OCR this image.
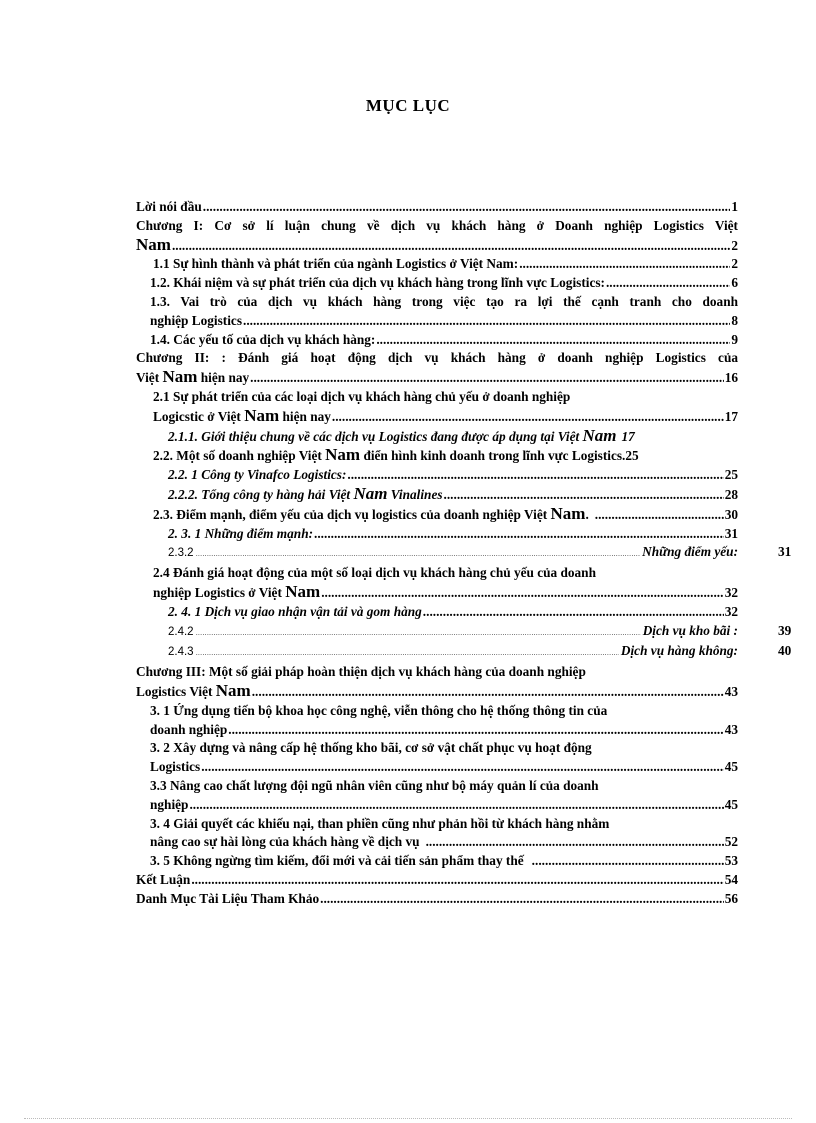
MỤC LỤC
Lời nói đầu .....	1
Chương I: Cơ sở lí luận chung về dịch vụ khách hàng ở Doanh nghiệp Logistics Việt
Nam .....	2
1.1 Sự hình thành và phát triển của ngành Logistics ở Việt Nam: .....	2
1.2. Khái niệm và sự phát triển của dịch vụ khách hàng trong lĩnh vực Logistics: .....	6
1.3. Vai trò của dịch vụ khách hàng trong việc tạo ra lợi thế cạnh tranh cho doanh
nghiệp Logistics .....	8
1.4. Các yếu tố của dịch vụ khách hàng: .....	9
Chương II: : Đánh giá hoạt động dịch vụ khách hàng ở doanh nghiệp Logistics của
Việt Nam hiện nay .....	16
2.1 Sự phát triển của các loại dịch vụ khách hàng chủ yếu ở doanh nghiệp
Logicstic ở Việt Nam hiện nay .....	17
2.1.1. Giới thiệu chung về các dịch vụ Logistics đang được áp dụng tại Việt Nam 17
2.2. Một số doanh nghiệp Việt Nam điển hình kinh doanh trong lĩnh vực Logistics. 25
2.2. 1 Công ty Vinafco Logistics: .....	25
2.2.2. Tổng công ty hàng hải Việt Nam Vinalines .....	28
2.3. Điểm mạnh, điểm yếu của dịch vụ logistics của doanh nghiệp Việt Nam. .....	30
2. 3. 1 Những điểm mạnh: .....	31
2.3.2 .....	Những điểm yếu:	31
2.4 Đánh giá hoạt động của một số loại dịch vụ khách hàng chủ yếu của doanh
nghiệp Logistics ở Việt Nam .....	32
2. 4. 1 Dịch vụ giao nhận vận tải và gom hàng .....	32
2.4.2 .....	Dịch vụ kho bãi :	39
2.4.3 .....	Dịch vụ hàng không:	40
Chương III: Một số giải pháp hoàn thiện dịch vụ khách hàng của doanh nghiệp
Logistics Việt Nam .....	43
3. 1 Ứng dụng tiến bộ khoa học công nghệ, viễn thông cho hệ thống thông tin của
doanh nghiệp .....	43
3. 2 Xây dựng và nâng cấp hệ thống kho bãi, cơ sở vật chất phục vụ hoạt động
Logistics .....	45
3.3 Nâng cao chất lượng đội ngũ nhân viên cũng như bộ máy quản lí của doanh
nghiệp .....	45
3. 4 Giải quyết các khiếu nại, than phiền cũng như phản hồi từ khách hàng nhằm
nâng cao sự hài lòng của khách hàng về dịch vụ .....	52
3. 5 Không ngừng tìm kiếm, đổi mới và cải tiến sản phẩm thay thế .....	53
Kết Luận .....	54
Danh Mục Tài Liệu Tham Khảo .....	56
